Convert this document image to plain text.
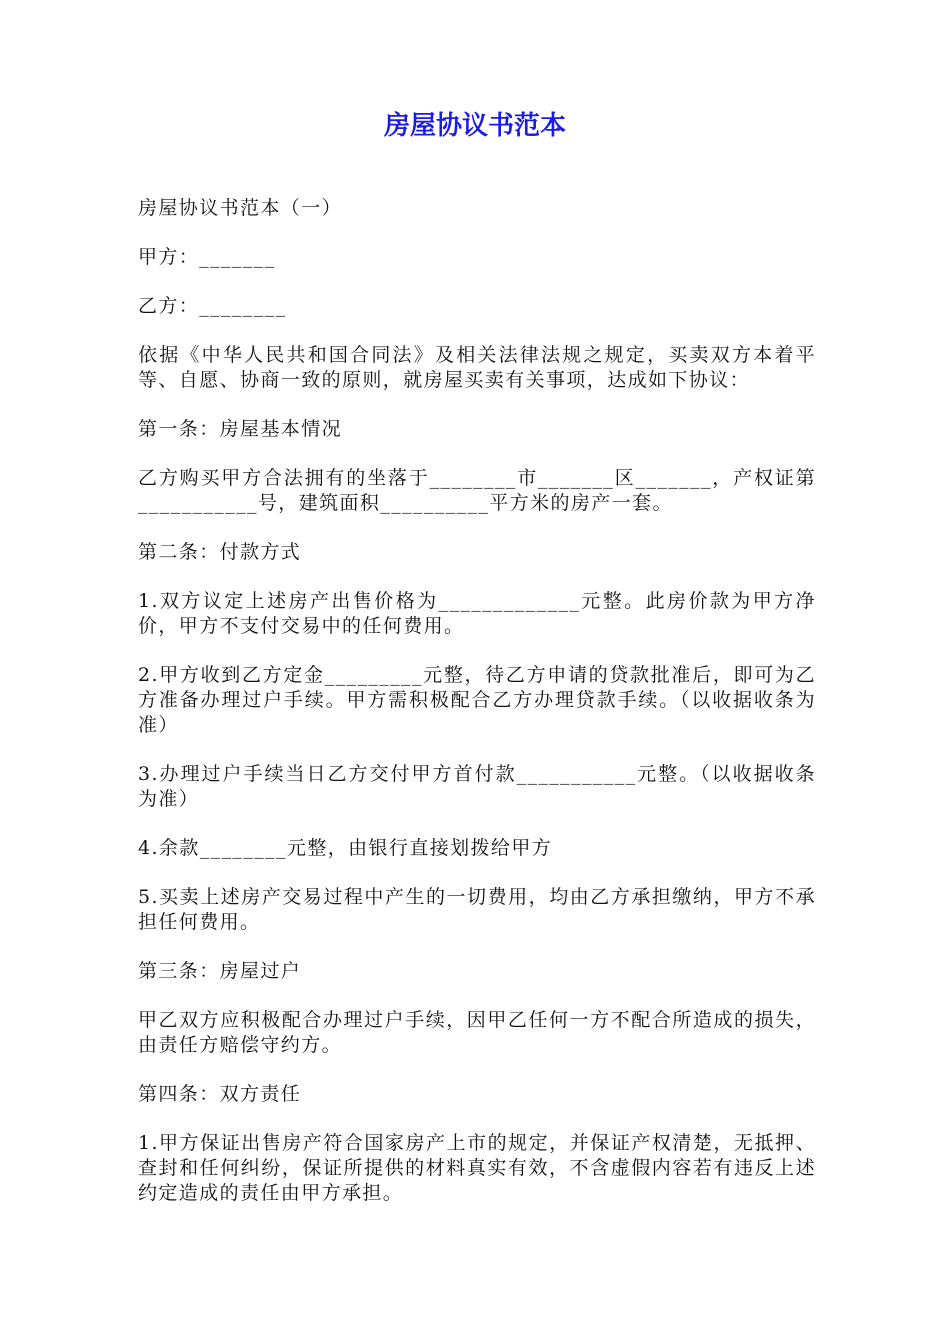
房屋协议书范本

房屋协议书范本（一）

甲方：_______

乙方：________

依据《中华人民共和国合同法》及相关法律法规之规定，买卖双方本着平等、自愿、协商一致的原则，就房屋买卖有关事项，达成如下协议：

第一条：房屋基本情况

乙方购买甲方合法拥有的坐落于________市_______区_______，产权证第___________号，建筑面积__________平方米的房产一套。

第二条：付款方式

1.双方议定上述房产出售价格为_____________元整。此房价款为甲方净价，甲方不支付交易中的任何费用。

2.甲方收到乙方定金_________元整，待乙方申请的贷款批准后，即可为乙方准备办理过户手续。甲方需积极配合乙方办理贷款手续。（以收据收条为准）

3.办理过户手续当日乙方交付甲方首付款___________元整。（以收据收条为准）

4.余款________元整，由银行直接划拨给甲方

5.买卖上述房产交易过程中产生的一切费用，均由乙方承担缴纳，甲方不承担任何费用。

第三条：房屋过户

甲乙双方应积极配合办理过户手续，因甲乙任何一方不配合所造成的损失，由责任方赔偿守约方。

第四条：双方责任

1.甲方保证出售房产符合国家房产上市的规定，并保证产权清楚，无抵押、查封和任何纠纷，保证所提供的材料真实有效，不含虚假内容若有违反上述约定造成的责任由甲方承担。
